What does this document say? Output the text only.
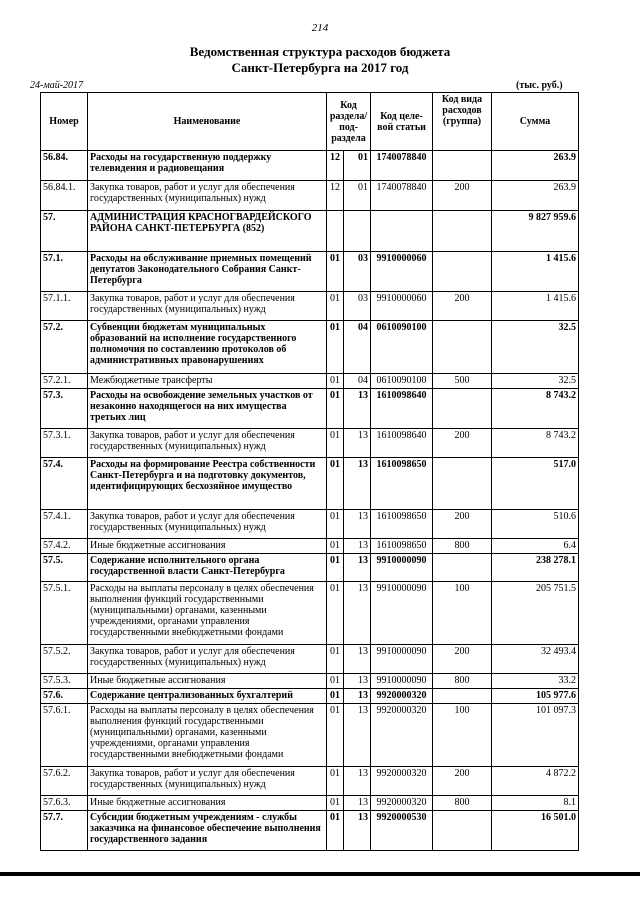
214
Ведомственная структура расходов бюджета
Санкт-Петербурга на 2017 год
24-май-2017	(тыс. руб.)
Номер	Наименование	Код раздела/ под-раздела		Код целе-вой статьи	Код вида расходов (группа)	Сумма
56.84.	Расходы на государственную поддержку телевидения и радиовещания	12	01	1740078840		263.9
56.84.1.	Закупка товаров, работ и услуг для обеспечения государственных (муниципальных) нужд	12	01	1740078840	200	263.9
57.	АДМИНИСТРАЦИЯ КРАСНОГВАРДЕЙСКОГО РАЙОНА САНКТ-ПЕТЕРБУРГА (852)					9 827 959.6
57.1.	Расходы на обслуживание приемных помещений депутатов Законодательного Собрания Санкт-Петербурга	01	03	9910000060		1 415.6
57.1.1.	Закупка товаров, работ и услуг для обеспечения государственных (муниципальных) нужд	01	03	9910000060	200	1 415.6
57.2.	Субвенции бюджетам муниципальных образований на исполнение государственного полномочия по составлению протоколов об административных правонарушениях	01	04	0610090100		32.5
57.2.1.	Межбюджетные трансферты	01	04	0610090100	500	32.5
57.3.	Расходы на освобождение земельных участков от незаконно находящегося на них имущества третьих лиц	01	13	1610098640		8 743.2
57.3.1.	Закупка товаров, работ и услуг для обеспечения государственных (муниципальных) нужд	01	13	1610098640	200	8 743.2
57.4.	Расходы на формирование Реестра собственности Санкт-Петербурга и на подготовку документов, идентифицирующих бесхозяйное имущество	01	13	1610098650		517.0
57.4.1.	Закупка товаров, работ и услуг для обеспечения государственных (муниципальных) нужд	01	13	1610098650	200	510.6
57.4.2.	Иные бюджетные ассигнования	01	13	1610098650	800	6.4
57.5.	Содержание исполнительного органа государственной власти Санкт-Петербурга	01	13	9910000090		238 278.1
57.5.1.	Расходы на выплаты персоналу в целях обеспечения выполнения функций государственными (муниципальными) органами, казенными учреждениями, органами управления государственными внебюджетными фондами	01	13	9910000090	100	205 751.5
57.5.2.	Закупка товаров, работ и услуг для обеспечения государственных (муниципальных) нужд	01	13	9910000090	200	32 493.4
57.5.3.	Иные бюджетные ассигнования	01	13	9910000090	800	33.2
57.6.	Содержание централизованных бухгалтерий	01	13	9920000320		105 977.6
57.6.1.	Расходы на выплаты персоналу в целях обеспечения выполнения функций государственными (муниципальными) органами, казенными учреждениями, органами управления государственными внебюджетными фондами	01	13	9920000320	100	101 097.3
57.6.2.	Закупка товаров, работ и услуг для обеспечения государственных (муниципальных) нужд	01	13	9920000320	200	4 872.2
57.6.3.	Иные бюджетные ассигнования	01	13	9920000320	800	8.1
57.7.	Субсидии бюджетным учреждениям - службы заказчика на финансовое обеспечение выполнения государственного задания	01	13	9920000530		16 501.0
